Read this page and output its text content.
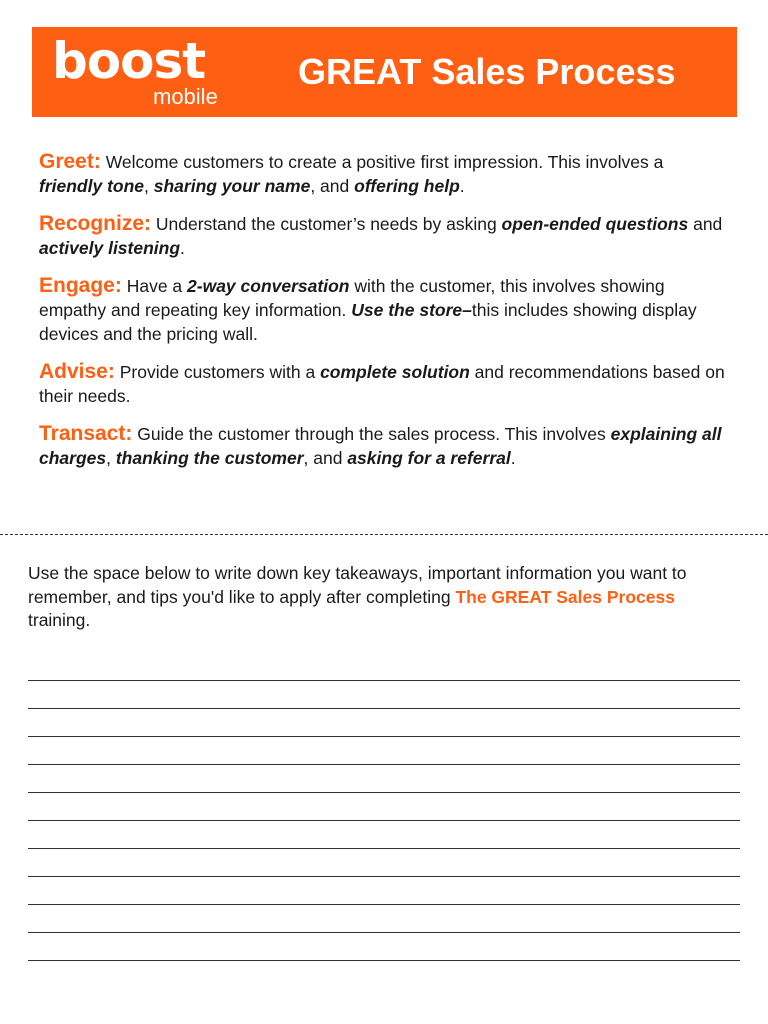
boost
mobile
GREAT Sales Process
Greet: Welcome customers to create a positive first impression. This involves a friendly tone, sharing your name, and offering help.
Recognize: Understand the customer’s needs by asking open-ended questions and actively listening.
Engage: Have a 2-way conversation with the customer, this involves showing empathy and repeating key information. Use the store–this includes showing display devices and the pricing wall.
Advise: Provide customers with a complete solution and recommendations based on their needs.
Transact: Guide the customer through the sales process. This involves explaining all charges, thanking the customer, and asking for a referral.
Use the space below to write down key takeaways, important information you want to remember, and tips you'd like to apply after completing The GREAT Sales Process training.
